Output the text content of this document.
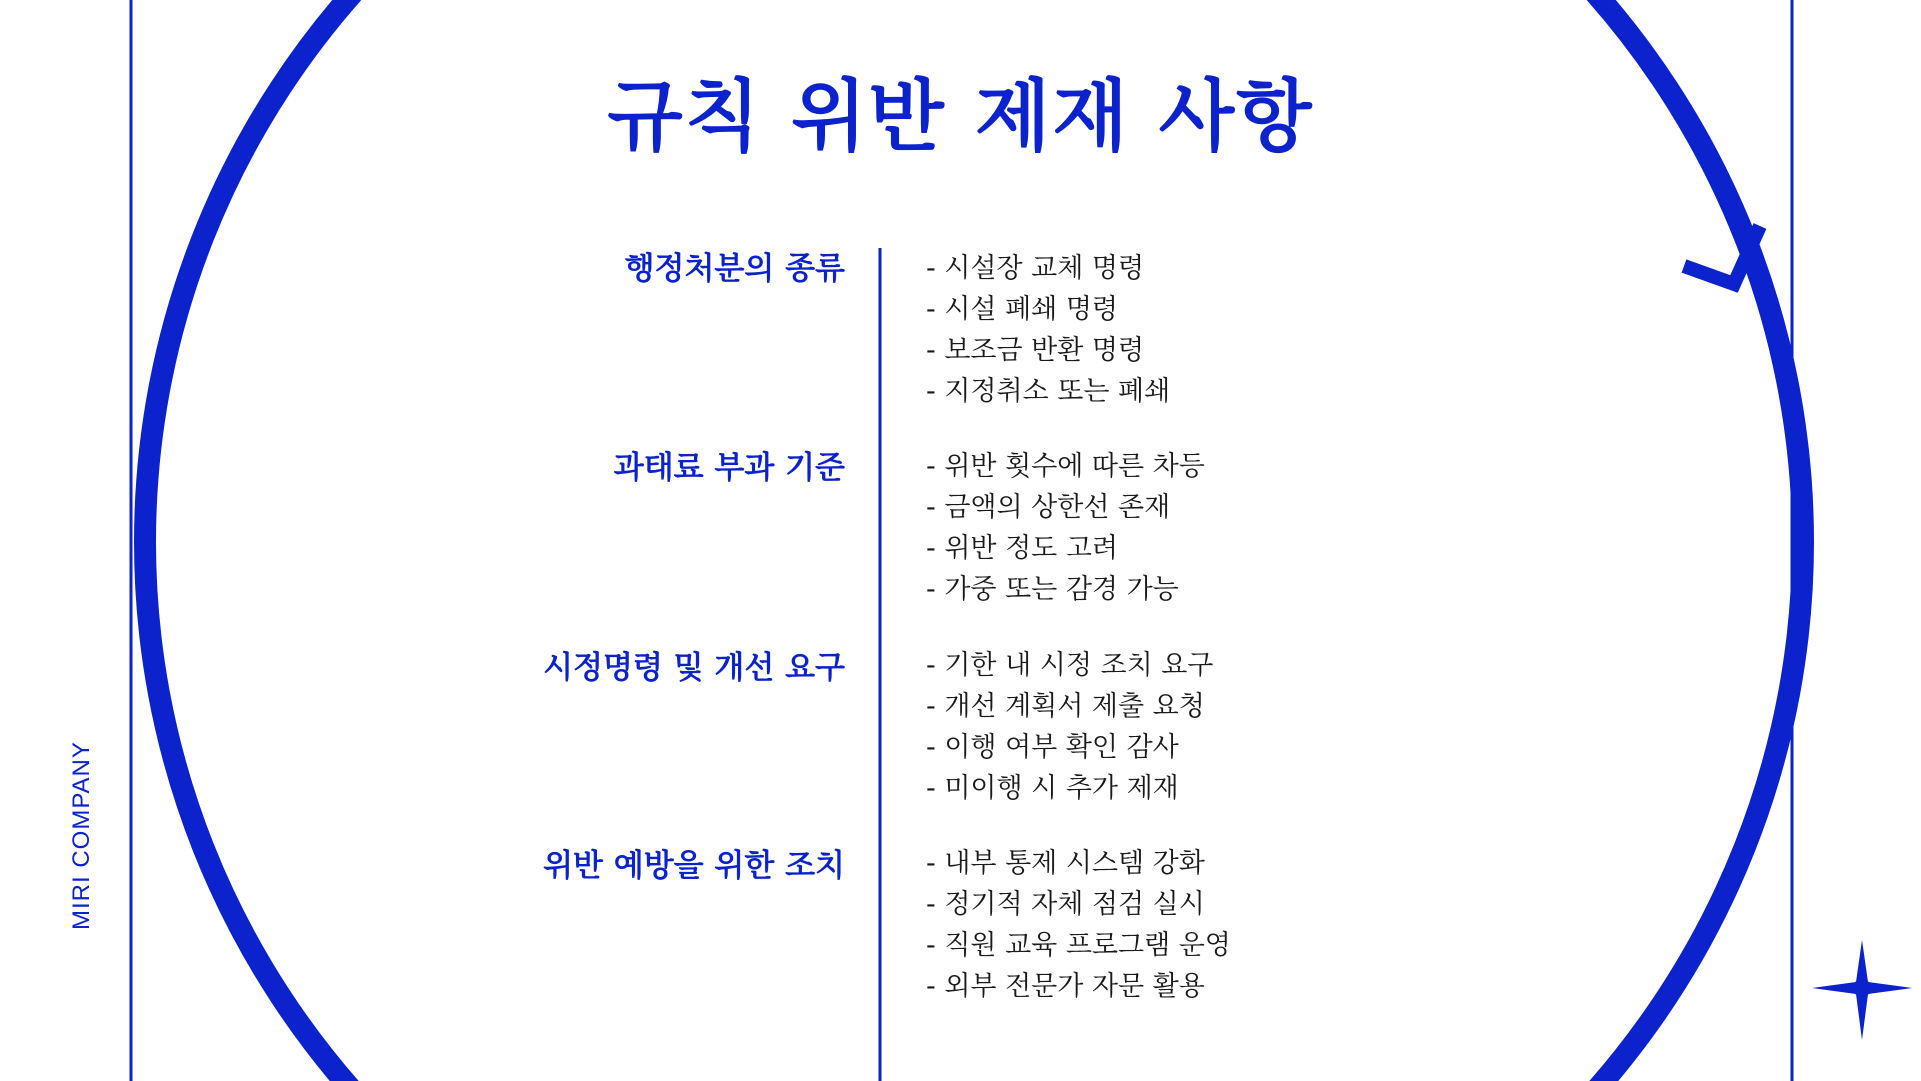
규칙 위반 제재 사항
MIRI COMPANY
행정처분의 종류	- 시설장 교체 명령
- 시설 폐쇄 명령
- 보조금 반환 명령
- 지정취소 또는 폐쇄
과태료 부과 기준	- 위반 횟수에 따른 차등
- 금액의 상한선 존재
- 위반 정도 고려
- 가중 또는 감경 가능
시정명령 및 개선 요구	- 기한 내 시정 조치 요구
- 개선 계획서 제출 요청
- 이행 여부 확인 감사
- 미이행 시 추가 제재
위반 예방을 위한 조치	- 내부 통제 시스템 강화
- 정기적 자체 점검 실시
- 직원 교육 프로그램 운영
- 외부 전문가 자문 활용
